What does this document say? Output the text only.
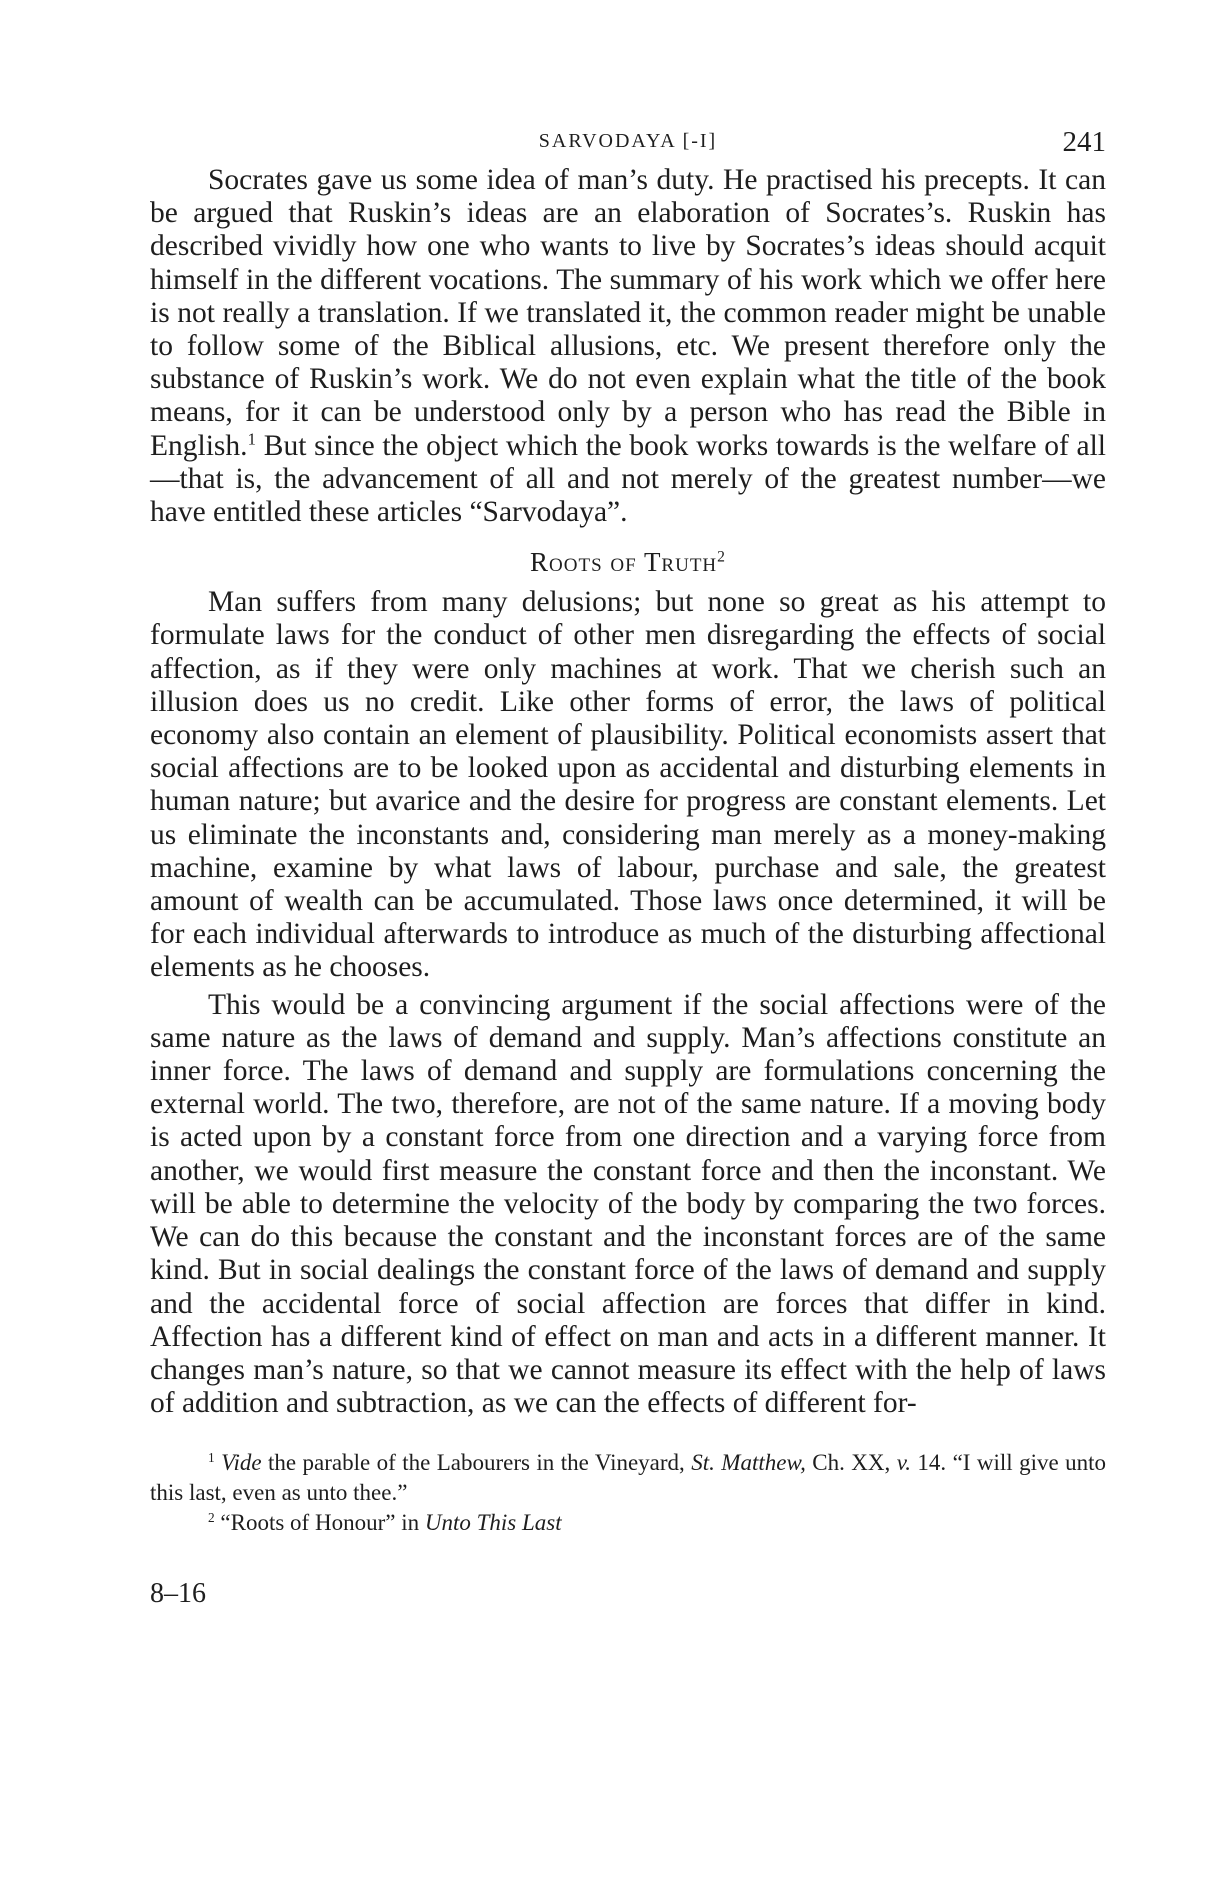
SARVODAYA [-I]	241

Socrates gave us some idea of man’s duty. He practised his precepts. It can be argued that Ruskin’s ideas are an elaboration of Socrates’s. Ruskin has described vividly how one who wants to live by Socrates’s ideas should acquit himself in the different vocations. The summary of his work which we offer here is not really a translation. If we translated it, the common reader might be unable to follow some of the Biblical allusions, etc. We present therefore only the substance of Ruskin’s work. We do not even explain what the title of the book means, for it can be understood only by a person who has read the Bible in English.$^1$ But since the object which the book works towards is the welfare of all—that is, the advancement of all and not merely of the greatest number—we have entitled these articles “Sarvodaya”.

Roots of Truth$^2$

Man suffers from many delusions; but none so great as his attempt to formulate laws for the conduct of other men disregarding the effects of social affection, as if they were only machines at work. That we cherish such an illusion does us no credit. Like other forms of error, the laws of political economy also contain an element of plausibility. Political economists assert that social affections are to be looked upon as accidental and disturbing elements in human nature; but avarice and the desire for progress are constant elements. Let us eliminate the inconstants and, considering man merely as a money-making machine, examine by what laws of labour, purchase and sale, the greatest amount of wealth can be accumulated. Those laws once determined, it will be for each individual afterwards to introduce as much of the disturbing affectional elements as he chooses.

This would be a convincing argument if the social affections were of the same nature as the laws of demand and supply. Man’s affections constitute an inner force. The laws of demand and supply are formulations concerning the external world. The two, therefore, are not of the same nature. If a moving body is acted upon by a constant force from one direction and a varying force from another, we would first measure the constant force and then the inconstant. We will be able to determine the velocity of the body by comparing the two forces. We can do this because the constant and the inconstant forces are of the same kind. But in social dealings the constant force of the laws of demand and supply and the accidental force of social affection are forces that differ in kind. Affection has a different kind of effect on man and acts in a different manner. It changes man’s nature, so that we cannot measure its effect with the help of laws of addition and subtraction, as we can the effects of different for-

$^1$ Vide the parable of the Labourers in the Vineyard, St. Matthew, Ch. XX, v. 14. “I will give unto this last, even as unto thee.”

$^2$ “Roots of Honour” in Unto This Last

8–16
